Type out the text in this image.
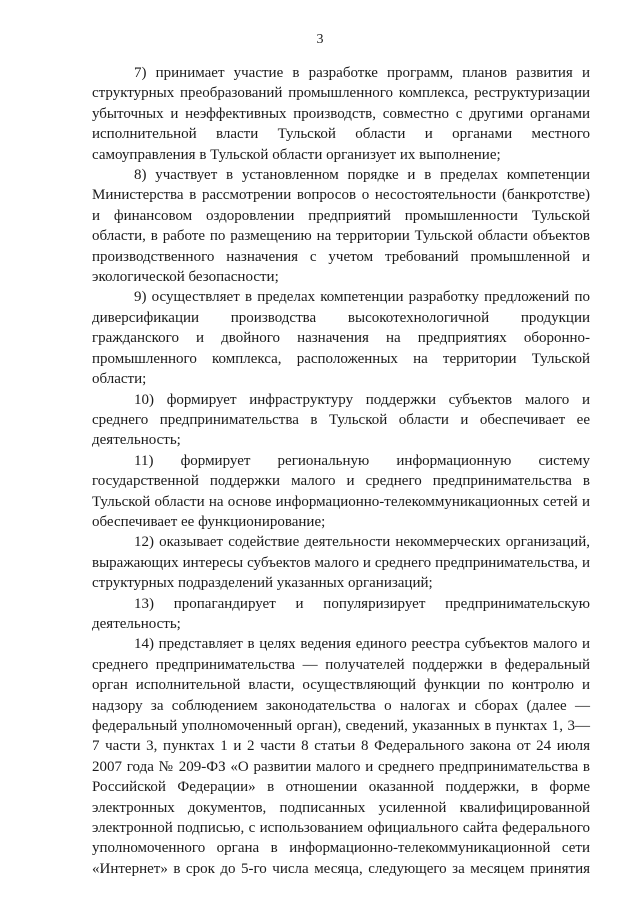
3

7) принимает участие в разработке программ, планов развития и структурных преобразований промышленного комплекса, реструктуризации убыточных и неэффективных производств, совместно с другими органами исполнительной власти Тульской области и органами местного самоуправления в Тульской области организует их выполнение;

8) участвует в установленном порядке и в пределах компетенции Министерства в рассмотрении вопросов о несостоятельности (банкротстве) и финансовом оздоровлении предприятий промышленности Тульской области, в работе по размещению на территории Тульской области объектов производственного назначения с учетом требований промышленной и экологической безопасности;

9) осуществляет в пределах компетенции разработку предложений по диверсификации производства высокотехнологичной продукции гражданского и двойного назначения на предприятиях оборонно-промышленного комплекса, расположенных на территории Тульской области;

10) формирует инфраструктуру поддержки субъектов малого и среднего предпринимательства в Тульской области и обеспечивает ее деятельность;

11) формирует региональную информационную систему государственной поддержки малого и среднего предпринимательства в Тульской области на основе информационно-телекоммуникационных сетей и обеспечивает ее функционирование;

12) оказывает содействие деятельности некоммерческих организаций, выражающих интересы субъектов малого и среднего предпринимательства, и структурных подразделений указанных организаций;

13) пропагандирует и популяризирует предпринимательскую деятельность;

14) представляет в целях ведения единого реестра субъектов малого и среднего предпринимательства — получателей поддержки в федеральный орган исполнительной власти, осуществляющий функции по контролю и надзору за соблюдением законодательства о налогах и сборах (далее — федеральный уполномоченный орган), сведений, указанных в пунктах 1, 3—7 части 3, пунктах 1 и 2 части 8 статьи 8 Федерального закона от 24 июля 2007 года № 209-ФЗ «О развитии малого и среднего предпринимательства в Российской Федерации» в отношении оказанной поддержки, в форме электронных документов, подписанных усиленной квалифицированной электронной подписью, с использованием официального сайта федерального уполномоченного органа в информационно-телекоммуникационной сети «Интернет» в срок до 5-го числа месяца, следующего за месяцем принятия
